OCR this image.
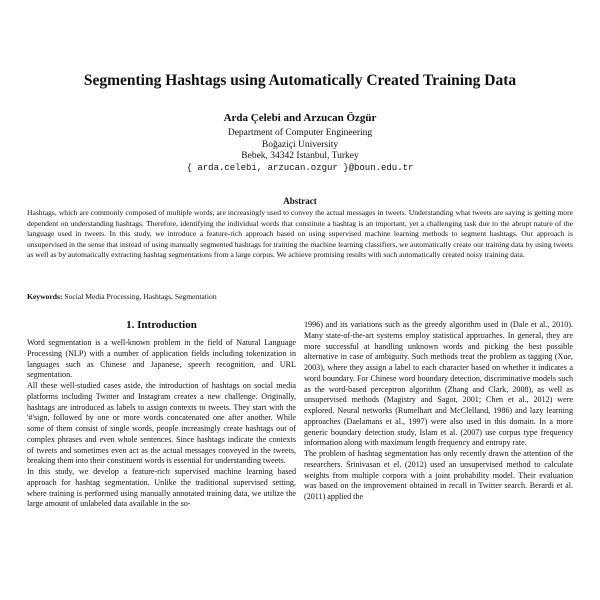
Segmenting Hashtags using Automatically Created Training Data
Arda Çelebi and Arzucan Özgür
Department of Computer Engineering
Boğaziçi University
Bebek, 34342 Istanbul, Turkey
{ arda.celebi, arzucan.ozgur }@boun.edu.tr
Abstract
Hashtags, which are commonly composed of multiple words, are increasingly used to convey the actual messages in tweets. Understanding what tweets are saying is getting more dependent on understanding hashtags. Therefore, identifying the individual words that constitute a hashtag is an important, yet a challenging task due to the abrupt nature of the language used in tweets. In this study, we introduce a feature-rich approach based on using supervised machine learning methods to segment hashtags. Our approach is unsupervised in the sense that instead of using manually segmented hashtags for training the machine learning classifiers, we automatically create our training data by using tweets as well as by automatically extracting hashtag segmentations from a large corpus. We achieve promising results with such automatically created noisy training data.
Keywords: Social Media Processing, Hashtags, Segmentation
1. Introduction

Word segmentation is a well-known problem in the field of Natural Language Processing (NLP) with a number of application fields including tokenization in languages such as Chinese and Japanese, speech recognition, and URL segmentation.

All these well-studied cases aside, the introduction of hashtags on social media platforms including Twitter and Instagram creates a new challenge. Originally, hashtags are introduced as labels to assign contexts to tweets. They start with the '#'sign, followed by one or more words concatenated one after another. While some of them consist of single words, people increasingly create hashtags out of complex phrases and even whole sentences. Since hashtags indicate the contexts of tweets and sometimes even act as the actual messages conveyed in the tweets, breaking them into their constituent words is essential for understanding tweets.

In this study, we develop a feature-rich supervised machine learning based approach for hashtag segmentation. Unlike the traditional supervised setting, where training is performed using manually annotated training data, we utilize the large amount of unlabeled data available in the so-

1996) and its variations such as the greedy algorithm used in (Dale et al., 2010). Many state-of-the-art systems employ statistical approaches. In general, they are more successful at handling unknown words and picking the best possible alternative in case of ambiguity. Such methods treat the problem as tagging (Xue, 2003), where they assign a label to each character based on whether it indicates a word boundary. For Chinese word boundary detection, discriminative models such as the word-based perceptron algorithm (Zhang and Clark, 2008), as well as unsupervised methods (Magistry and Sagot, 2001; Chen et al., 2012) were explored. Neural networks (Rumelhart and McClelland, 1986) and lazy learning approaches (Daelamans et al., 1997) were also used in this domain. In a more generic boundary detection study, Islam et al. (2007) use corpus type frequency information along with maximum length frequency and entropy rate.

The problem of hashtag segmentation has only recently drawn the attention of the researchers. Srinivasan et el. (2012) used an unsupervised method to calculate weights from multiple corpora with a joint probability model. Their evaluation was based on the improvement obtained in recall in Twitter search. Berardi et al. (2011) applied the
